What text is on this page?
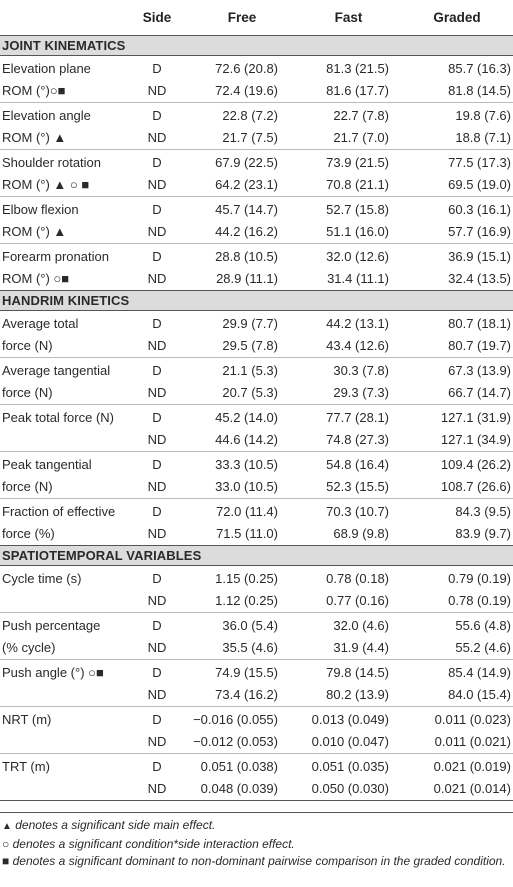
	Side	Free	Fast	Graded
JOINT KINEMATICS				
Elevation plane	D	72.6 (20.8)	81.3 (21.5)	85.7 (16.3)
ROM (°)○■	ND	72.4 (19.6)	81.6 (17.7)	81.8 (14.5)
Elevation angle	D	22.8 (7.2)	22.7 (7.8)	19.8 (7.6)
ROM (°) ▲	ND	21.7 (7.5)	21.7 (7.0)	18.8 (7.1)
Shoulder rotation	D	67.9 (22.5)	73.9 (21.5)	77.5 (17.3)
ROM (°) ▲ ○ ■	ND	64.2 (23.1)	70.8 (21.1)	69.5 (19.0)
Elbow flexion	D	45.7 (14.7)	52.7 (15.8)	60.3 (16.1)
ROM (°) ▲	ND	44.2 (16.2)	51.1 (16.0)	57.7 (16.9)
Forearm pronation	D	28.8 (10.5)	32.0 (12.6)	36.9 (15.1)
ROM (°) ○■	ND	28.9 (11.1)	31.4 (11.1)	32.4 (13.5)
HANDRIM KINETICS				
Average total	D	29.9 (7.7)	44.2 (13.1)	80.7 (18.1)
force (N)	ND	29.5 (7.8)	43.4 (12.6)	80.7 (19.7)
Average tangential	D	21.1 (5.3)	30.3 (7.8)	67.3 (13.9)
force (N)	ND	20.7 (5.3)	29.3 (7.3)	66.7 (14.7)
Peak total force (N)	D	45.2 (14.0)	77.7 (28.1)	127.1 (31.9)
	ND	44.6 (14.2)	74.8 (27.3)	127.1 (34.9)
Peak tangential	D	33.3 (10.5)	54.8 (16.4)	109.4 (26.2)
force (N)	ND	33.0 (10.5)	52.3 (15.5)	108.7 (26.6)
Fraction of effective	D	72.0 (11.4)	70.3 (10.7)	84.3 (9.5)
force (%)	ND	71.5 (11.0)	68.9 (9.8)	83.9 (9.7)
SPATIOTEMPORAL VARIABLES				
Cycle time (s)	D	1.15 (0.25)	0.78 (0.18)	0.79 (0.19)
	ND	1.12 (0.25)	0.77 (0.16)	0.78 (0.19)
Push percentage	D	36.0 (5.4)	32.0 (4.6)	55.6 (4.8)
(% cycle)	ND	35.5 (4.6)	31.9 (4.4)	55.2 (4.6)
Push angle (°) ○■	D	74.9 (15.5)	79.8 (14.5)	85.4 (14.9)
	ND	73.4 (16.2)	80.2 (13.9)	84.0 (15.4)
NRT (m)	D	−0.016 (0.055)	0.013 (0.049)	0.011 (0.023)
	ND	−0.012 (0.053)	0.010 (0.047)	0.011 (0.021)
TRT (m)	D	0.051 (0.038)	0.051 (0.035)	0.021 (0.019)
	ND	0.048 (0.039)	0.050 (0.030)	0.021 (0.014)

▲ denotes a significant side main effect.

○ denotes a significant condition*side interaction effect.

■ denotes a significant dominant to non-dominant pairwise comparison in the graded condition.
